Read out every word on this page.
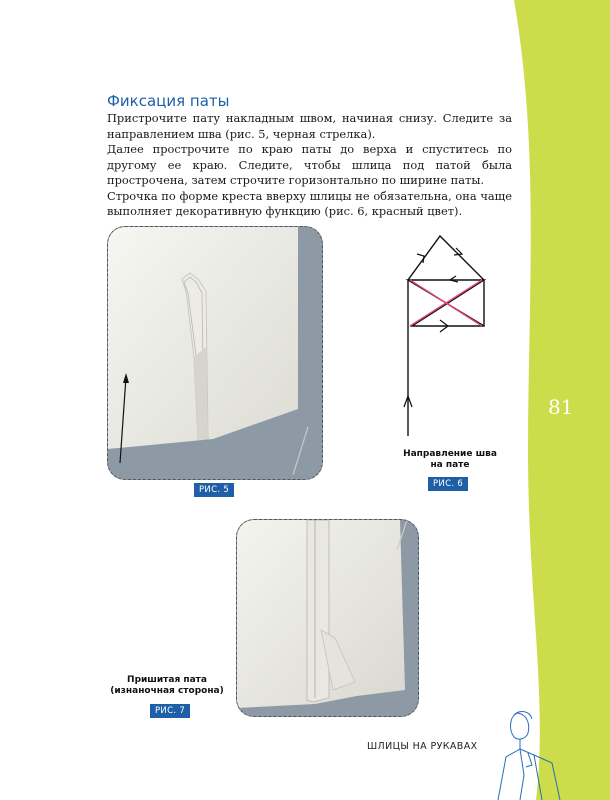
Фиксация паты

Пристрочите пату накладным швом, начиная снизу. Следите за направлением шва (рис. 5, черная стрелка).

Далее прострочите по краю паты до верха и спуститесь по другому ее краю. Следите, чтобы шлица под патой была прострочена, затем строчите горизонтально по ширине паты.

Строчка по форме креста вверху шлицы не обязательна, она чаще выполняет декоративную функцию (рис. 6, красный цвет).

РИС. 5
Направление шва
на пате
РИС. 6
Пришитая пата
(изнаночная сторона)
РИС. 7
81
ШЛИЦЫ НА РУКАВАХ
